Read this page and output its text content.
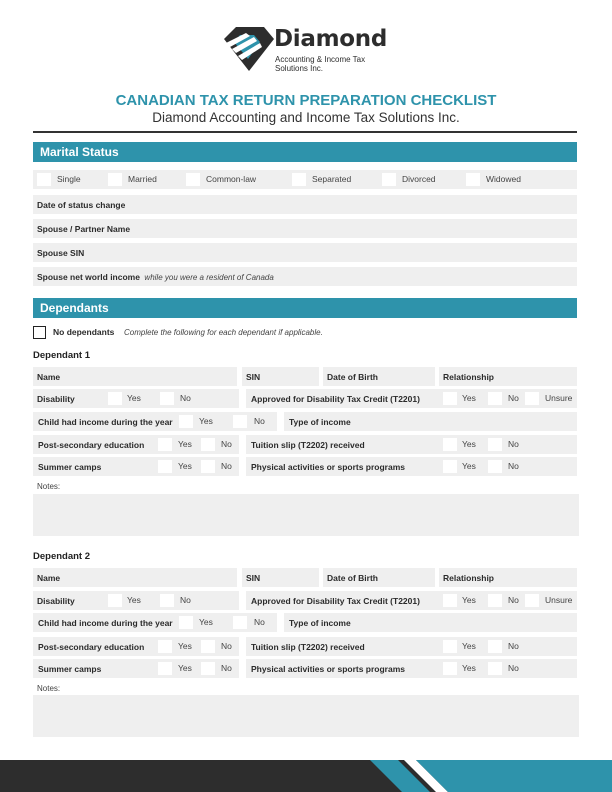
Diamond
Accounting & Income Tax
Solutions Inc.
CANADIAN TAX RETURN PREPARATION CHECKLIST
Diamond Accounting and Income Tax Solutions Inc.
Marital Status
Single	Married	Common-law	Separated	Divorced	Widowed
Date of status change
Spouse / Partner Name
Spouse SIN
Spouse net world income while you were a resident of Canada
Dependants
No dependants Complete the following for each dependant if applicable.
Dependant 1
Name	SIN	Date of Birth	Relationship
Disability	Yes	No	Approved for Disability Tax Credit (T2201)	Yes	No	Unsure
Child had income during the year	Yes	No	Type of income
Post-secondary education	Yes	No	Tuition slip (T2202) received	Yes	No
Summer camps	Yes	No	Physical activities or sports programs	Yes	No
Notes:
Dependant 2
Name	SIN	Date of Birth	Relationship
Disability	Yes	No	Approved for Disability Tax Credit (T2201)	Yes	No	Unsure
Child had income during the year	Yes	No	Type of income
Post-secondary education	Yes	No	Tuition slip (T2202) received	Yes	No
Summer camps	Yes	No	Physical activities or sports programs	Yes	No
Notes:
